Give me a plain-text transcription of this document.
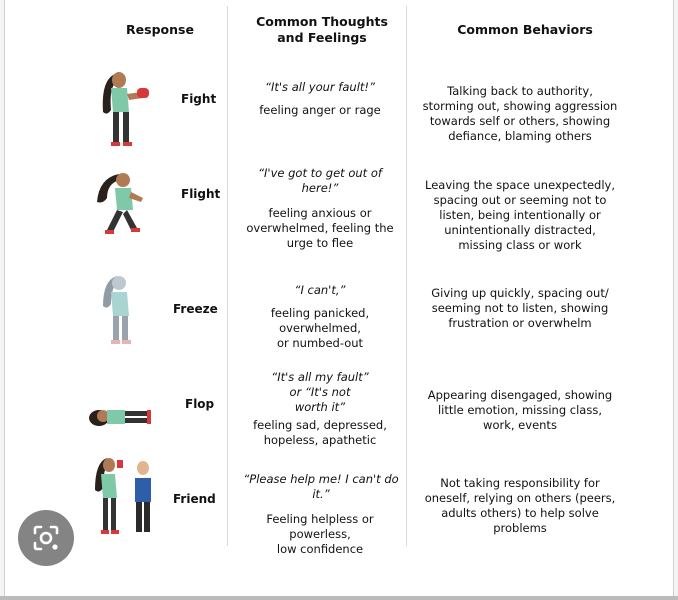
Response
Common Thoughts
and Feelings
Common Behaviors
Fight
“It's all your fault!”
feeling anger or rage
Talking back to authority,
storming out, showing aggression
towards self or others, showing
defiance, blaming others
Flight
“I've got to get out of
here!”
feeling anxious or
overwhelmed, feeling the
urge to flee
Leaving the space unexpectedly,
spacing out or seeming not to
listen, being intentionally or
unintentionally distracted,
missing class or work
Freeze
“I can't,”
feeling panicked, overwhelmed,
or numbed-out
Giving up quickly, spacing out/
seeming not to listen, showing
frustration or overwhelm
Flop
“It's all my fault”
or “It's not
worth it”
feeling sad, depressed,
hopeless, apathetic
Appearing disengaged, showing
little emotion, missing class,
work, events
Friend
“Please help me! I can't do
it.”
Feeling helpless or powerless,
low confidence
Not taking responsibility for
oneself, relying on others (peers,
adults others) to help solve
problems
